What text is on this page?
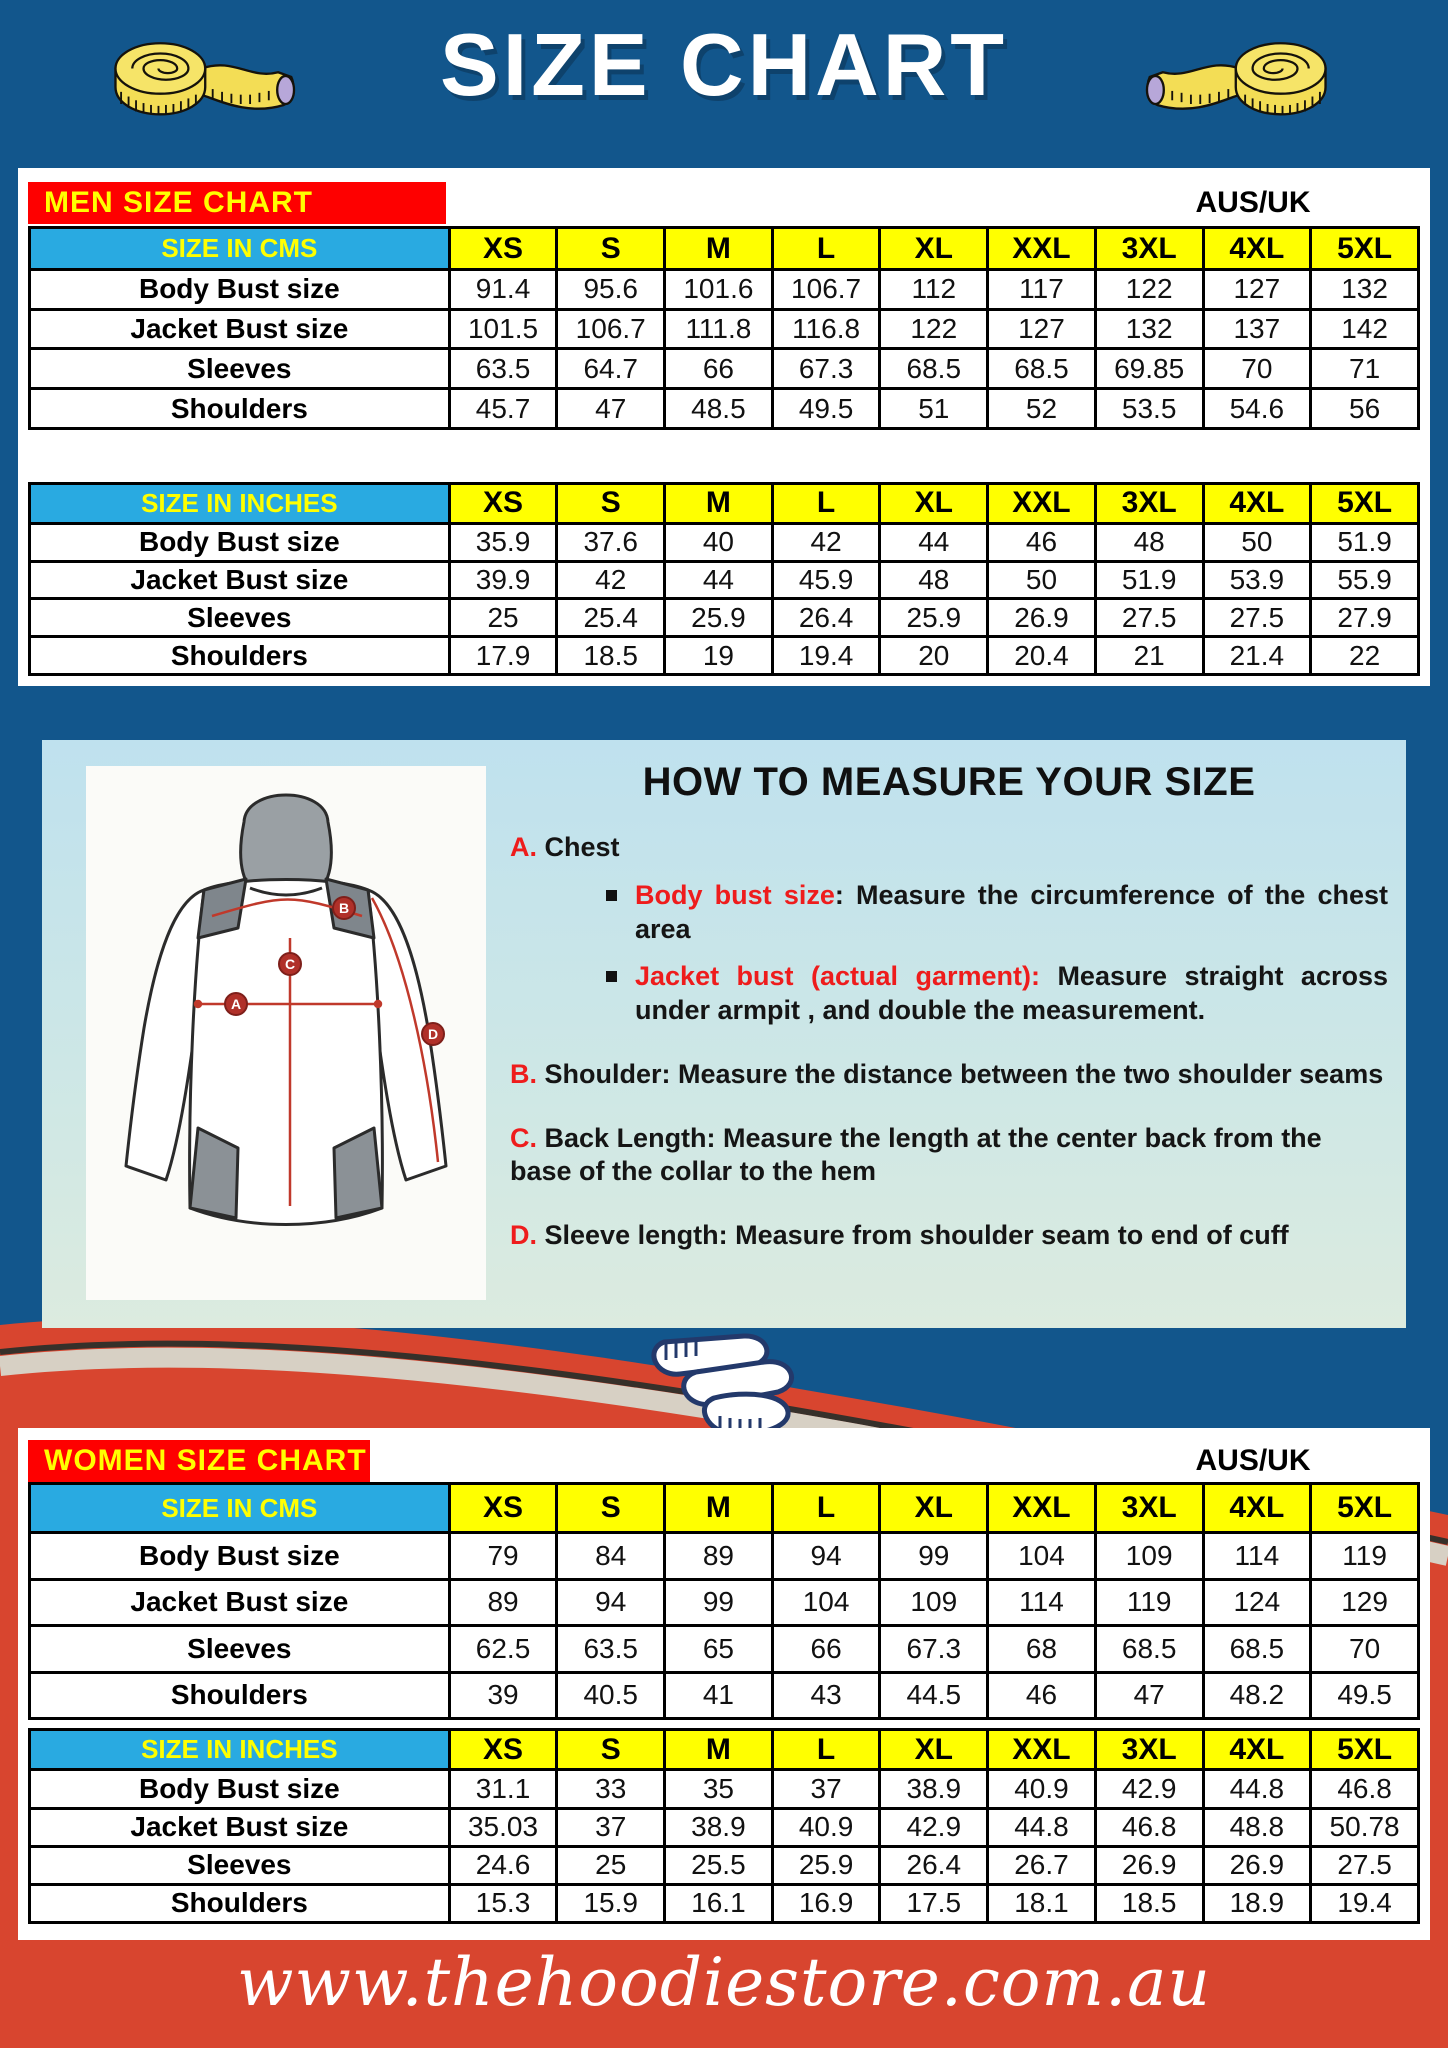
SIZE CHART
MEN SIZE CHART	AUS/UK
SIZE IN CMS	XS	S	M	L	XL	XXL	3XL	4XL	5XL
Body Bust size	91.4	95.6	101.6	106.7	112	117	122	127	132
Jacket Bust size	101.5	106.7	111.8	116.8	122	127	132	137	142
Sleeves	63.5	64.7	66	67.3	68.5	68.5	69.85	70	71
Shoulders	45.7	47	48.5	49.5	51	52	53.5	54.6	56
SIZE IN INCHES	XS	S	M	L	XL	XXL	3XL	4XL	5XL
Body Bust size	35.9	37.6	40	42	44	46	48	50	51.9
Jacket Bust size	39.9	42	44	45.9	48	50	51.9	53.9	55.9
Sleeves	25	25.4	25.9	26.4	25.9	26.9	27.5	27.5	27.9
Shoulders	17.9	18.5	19	19.4	20	20.4	21	21.4	22
A
B
C
D
HOW TO MEASURE YOUR SIZE
A. Chest
Body bust size: Measure the circumference of the chest area
Jacket bust (actual garment): Measure straight across under armpit , and double the measurement.
B. Shoulder: Measure the distance between the two shoulder seams
C. Back Length: Measure the length at the center back from the base of the collar to the hem
D. Sleeve length: Measure from shoulder seam to end of cuff
WOMEN SIZE CHART	AUS/UK
SIZE IN CMS	XS	S	M	L	XL	XXL	3XL	4XL	5XL
Body Bust size	79	84	89	94	99	104	109	114	119
Jacket Bust size	89	94	99	104	109	114	119	124	129
Sleeves	62.5	63.5	65	66	67.3	68	68.5	68.5	70
Shoulders	39	40.5	41	43	44.5	46	47	48.2	49.5
SIZE IN INCHES	XS	S	M	L	XL	XXL	3XL	4XL	5XL
Body Bust size	31.1	33	35	37	38.9	40.9	42.9	44.8	46.8
Jacket Bust size	35.03	37	38.9	40.9	42.9	44.8	46.8	48.8	50.78
Sleeves	24.6	25	25.5	25.9	26.4	26.7	26.9	26.9	27.5
Shoulders	15.3	15.9	16.1	16.9	17.5	18.1	18.5	18.9	19.4
www.thehoodiestore.com.au
